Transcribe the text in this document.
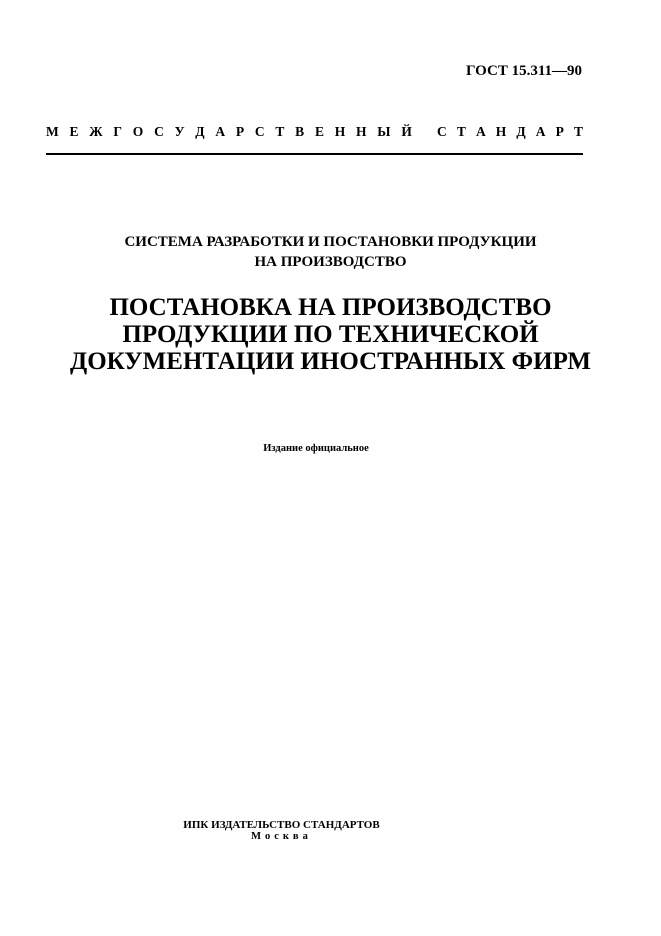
ГОСТ 15.311—90
М Е Ж Г О С У Д А Р С Т В Е Н Н Ы Й С Т А Н Д А Р Т
СИСТЕМА РАЗРАБОТКИ И ПОСТАНОВКИ ПРОДУКЦИИ
НА ПРОИЗВОДСТВО
ПОСТАНОВКА НА ПРОИЗВОДСТВО
ПРОДУКЦИИ ПО ТЕХНИЧЕСКОЙ
ДОКУМЕНТАЦИИ ИНОСТРАННЫХ ФИРМ
Издание официальное
ИПК ИЗДАТЕЛЬСТВО СТАНДАРТОВ
Москва
